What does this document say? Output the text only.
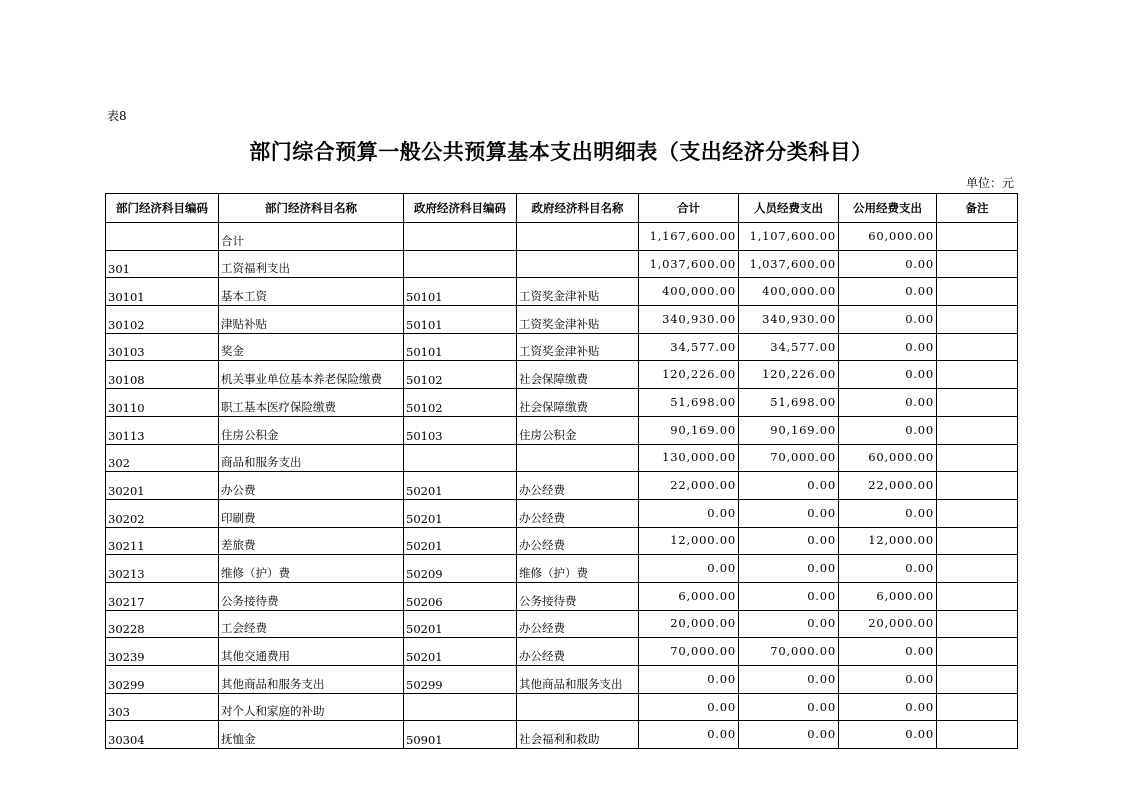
表8
部门综合预算一般公共预算基本支出明细表（支出经济分类科目）
单位：元
部门经济科目编码	部门经济科目名称	政府经济科目编码	政府经济科目名称	合计	人员经费支出	公用经费支出	备注
	合计			1,167,600.00	1,107,600.00	60,000.00	
301	工资福利支出			1,037,600.00	1,037,600.00	0.00	
30101	基本工资	50101	工资奖金津补贴	400,000.00	400,000.00	0.00	
30102	津贴补贴	50101	工资奖金津补贴	340,930.00	340,930.00	0.00	
30103	奖金	50101	工资奖金津补贴	34,577.00	34,577.00	0.00	
30108	机关事业单位基本养老保险缴费	50102	社会保障缴费	120,226.00	120,226.00	0.00	
30110	职工基本医疗保险缴费	50102	社会保障缴费	51,698.00	51,698.00	0.00	
30113	住房公积金	50103	住房公积金	90,169.00	90,169.00	0.00	
302	商品和服务支出			130,000.00	70,000.00	60,000.00	
30201	办公费	50201	办公经费	22,000.00	0.00	22,000.00	
30202	印刷费	50201	办公经费	0.00	0.00	0.00	
30211	差旅费	50201	办公经费	12,000.00	0.00	12,000.00	
30213	维修（护）费	50209	维修（护）费	0.00	0.00	0.00	
30217	公务接待费	50206	公务接待费	6,000.00	0.00	6,000.00	
30228	工会经费	50201	办公经费	20,000.00	0.00	20,000.00	
30239	其他交通费用	50201	办公经费	70,000.00	70,000.00	0.00	
30299	其他商品和服务支出	50299	其他商品和服务支出	0.00	0.00	0.00	
303	对个人和家庭的补助			0.00	0.00	0.00	
30304	抚恤金	50901	社会福利和救助	0.00	0.00	0.00	
